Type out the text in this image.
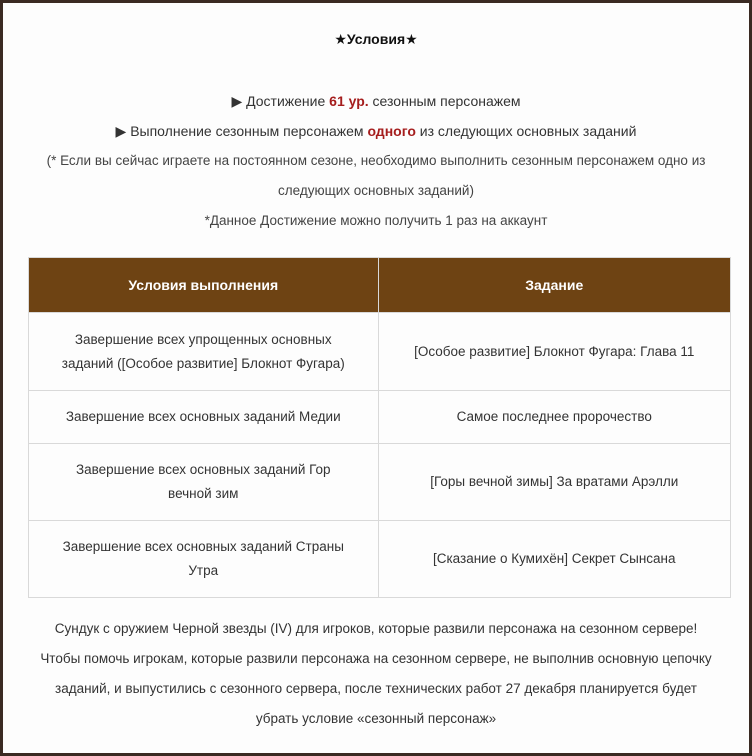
★Условия★
▶ Достижение 61 ур. сезонным персонажем
▶ Выполнение сезонным персонажем одного из следующих основных заданий
(* Если вы сейчас играете на постоянном сезоне, необходимо выполнить сезонным персонажем одно из
следующих основных заданий)
*Данное Достижение можно получить 1 раз на аккаунт
Условия выполнения	Задание
Завершение всех упрощенных основных
заданий ([Особое развитие] Блокнот Фугара)	[Особое развитие] Блокнот Фугара: Глава 11
Завершение всех основных заданий Медии	Самое последнее пророчество
Завершение всех основных заданий Гор
вечной зим	[Горы вечной зимы] За вратами Арэлли
Завершение всех основных заданий Страны
Утра	[Сказание о Кумихён] Секрет Сынсана
Сундук с оружием Черной звезды (IV) для игроков, которые развили персонажа на сезонном сервере!
Чтобы помочь игрокам, которые развили персонажа на сезонном сервере, не выполнив основную цепочку
заданий, и выпустились с сезонного сервера, после технических работ 27 декабря планируется будет
убрать условие «сезонный персонаж»
